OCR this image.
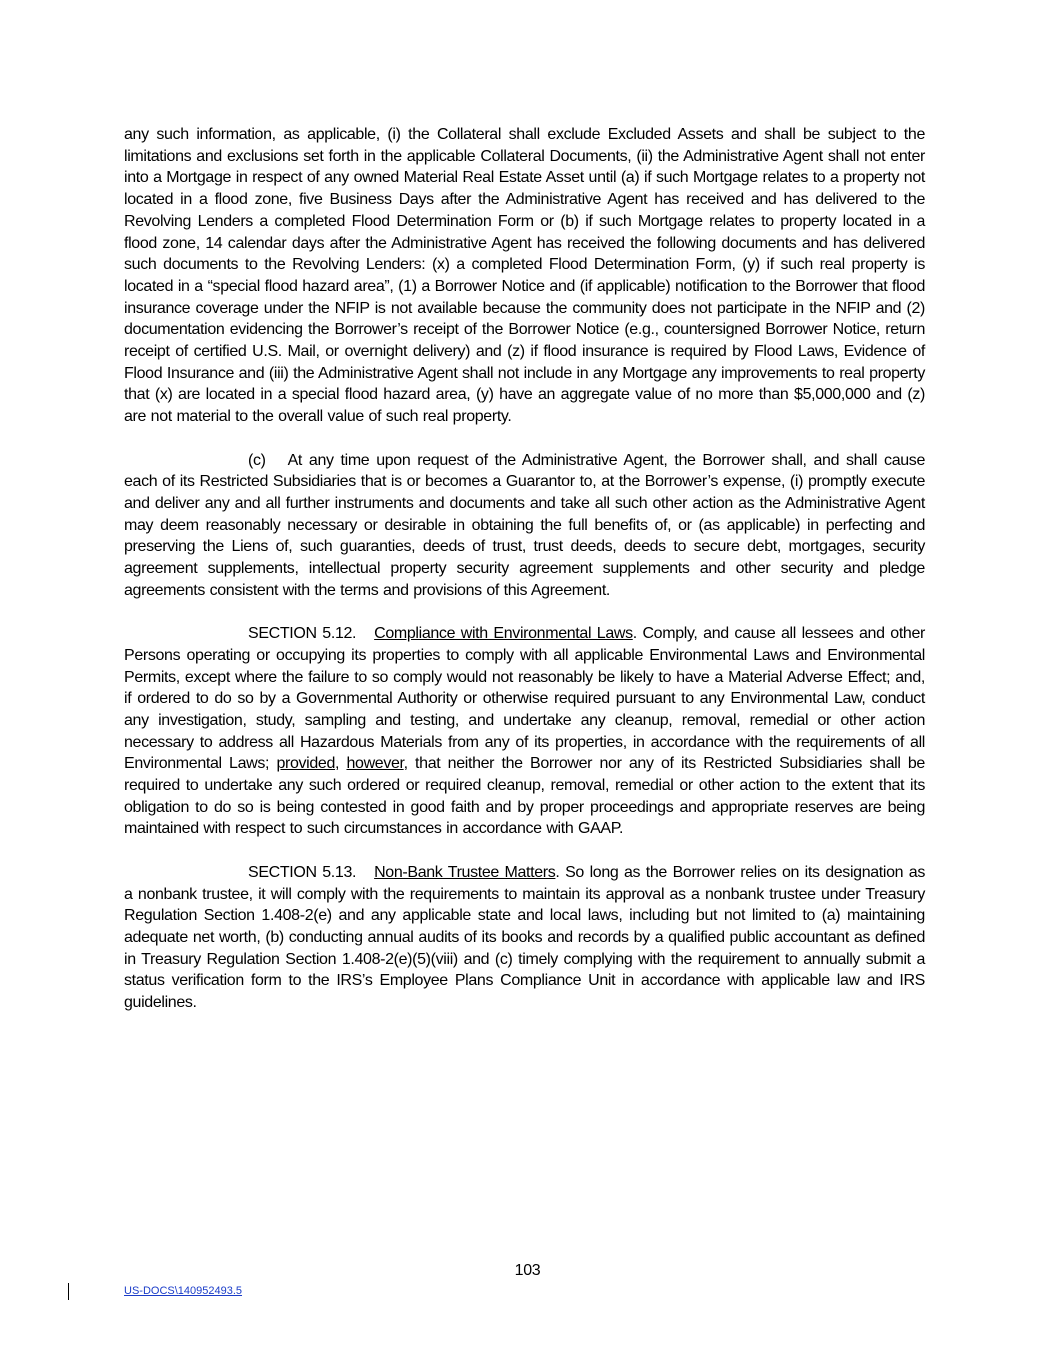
any such information, as applicable, (i) the Collateral shall exclude Excluded Assets and shall be subject to the limitations and exclusions set forth in the applicable Collateral Documents, (ii) the Administrative Agent shall not enter into a Mortgage in respect of any owned Material Real Estate Asset until (a) if such Mortgage relates to a property not located in a flood zone, five Business Days after the Administrative Agent has received and has delivered to the Revolving Lenders a completed Flood Determination Form or (b) if such Mortgage relates to property located in a flood zone, 14 calendar days after the Administrative Agent has received the following documents and has delivered such documents to the Revolving Lenders: (x) a completed Flood Determination Form, (y) if such real property is located in a “special flood hazard area”, (1) a Borrower Notice and (if applicable) notification to the Borrower that flood insurance coverage under the NFIP is not available because the community does not participate in the NFIP and (2) documentation evidencing the Borrower’s receipt of the Borrower Notice (e.g., countersigned Borrower Notice, return receipt of certified U.S. Mail, or overnight delivery) and (z) if flood insurance is required by Flood Laws, Evidence of Flood Insurance and (iii) the Administrative Agent shall not include in any Mortgage any improvements to real property that (x) are located in a special flood hazard area, (y) have an aggregate value of no more than $5,000,000 and (z) are not material to the overall value of such real property.

(c) At any time upon request of the Administrative Agent, the Borrower shall, and shall cause each of its Restricted Subsidiaries that is or becomes a Guarantor to, at the Borrower’s expense, (i) promptly execute and deliver any and all further instruments and documents and take all such other action as the Administrative Agent may deem reasonably necessary or desirable in obtaining the full benefits of, or (as applicable) in perfecting and preserving the Liens of, such guaranties, deeds of trust, trust deeds, deeds to secure debt, mortgages, security agreement supplements, intellectual property security agreement supplements and other security and pledge agreements consistent with the terms and provisions of this Agreement.

SECTION 5.12. Compliance with Environmental Laws. Comply, and cause all lessees and other Persons operating or occupying its properties to comply with all applicable Environmental Laws and Environmental Permits, except where the failure to so comply would not reasonably be likely to have a Material Adverse Effect; and, if ordered to do so by a Governmental Authority or otherwise required pursuant to any Environmental Law, conduct any investigation, study, sampling and testing, and undertake any cleanup, removal, remedial or other action necessary to address all Hazardous Materials from any of its properties, in accordance with the requirements of all Environmental Laws; provided, however, that neither the Borrower nor any of its Restricted Subsidiaries shall be required to undertake any such ordered or required cleanup, removal, remedial or other action to the extent that its obligation to do so is being contested in good faith and by proper proceedings and appropriate reserves are being maintained with respect to such circumstances in accordance with GAAP.

SECTION 5.13. Non-Bank Trustee Matters. So long as the Borrower relies on its designation as a nonbank trustee, it will comply with the requirements to maintain its approval as a nonbank trustee under Treasury Regulation Section 1.408-2(e) and any applicable state and local laws, including but not limited to (a) maintaining adequate net worth, (b) conducting annual audits of its books and records by a qualified public accountant as defined in Treasury Regulation Section 1.408-2(e)(5)(viii) and (c) timely complying with the requirement to annually submit a status verification form to the IRS’s Employee Plans Compliance Unit in accordance with applicable law and IRS guidelines.

103
US-DOCS\140952493.5
